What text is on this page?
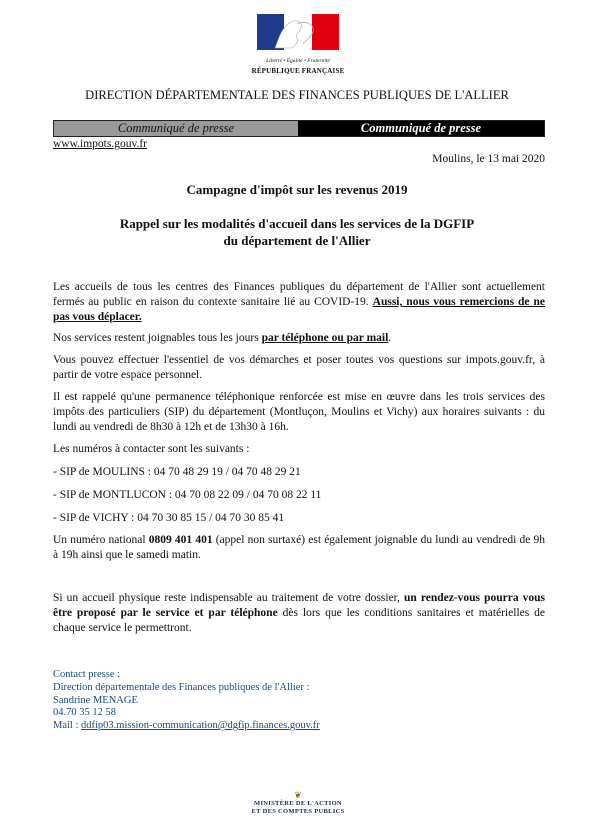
Liberté • Égalité • Fraternité
RÉPUBLIQUE FRANÇAISE
DIRECTION DÉPARTEMENTALE DES FINANCES PUBLIQUES DE L'ALLIER
Communiqué de presse	Communiqué de presse
www.impots.gouv.fr
Moulins, le 13 mai 2020
Campagne d'impôt sur les revenus 2019
Rappel sur les modalités d'accueil dans les services de la DGFIP
du département de l'Allier
Les accueils de tous les centres des Finances publiques du département de l'Allier sont actuellement fermés au public en raison du contexte sanitaire lié au COVID-19. Aussi, nous vous remercions de ne pas vous déplacer.
Nos services restent joignables tous les jours par téléphone ou par mail.
Vous pouvez effectuer l'essentiel de vos démarches et poser toutes vos questions sur impots.gouv.fr, à partir de votre espace personnel.
Il est rappelé qu'une permanence téléphonique renforcée est mise en œuvre dans les trois services des impôts des particuliers (SIP) du département (Montluçon, Moulins et Vichy) aux horaires suivants : du lundi au vendredi de 8h30 à 12h et de 13h30 à 16h.
Les numéros à contacter sont les suivants :
- SIP de MOULINS : 04 70 48 29 19 / 04 70 48 29 21
- SIP de MONTLUCON : 04 70 08 22 09 / 04 70 08 22 11
- SIP de VICHY : 04 70 30 85 15 / 04 70 30 85 41
Un numéro national 0809 401 401 (appel non surtaxé) est également joignable du lundi au vendredi de 9h à 19h ainsi que le samedi matin.
Si un accueil physique reste indispensable au traitement de votre dossier, un rendez-vous pourra vous être proposé par le service et par téléphone dès lors que les conditions sanitaires et matérielles de chaque service le permettront.
Contact presse :
Direction départementale des Finances publiques de l'Allier :
Sandrine MENAGE
04.70 35 12 58
Mail : ddfip03.mission-communication@dgfip.finances.gouv.fr
❦
MINISTÈRE DE L'ACTION
ET DES COMPTES PUBLICS
